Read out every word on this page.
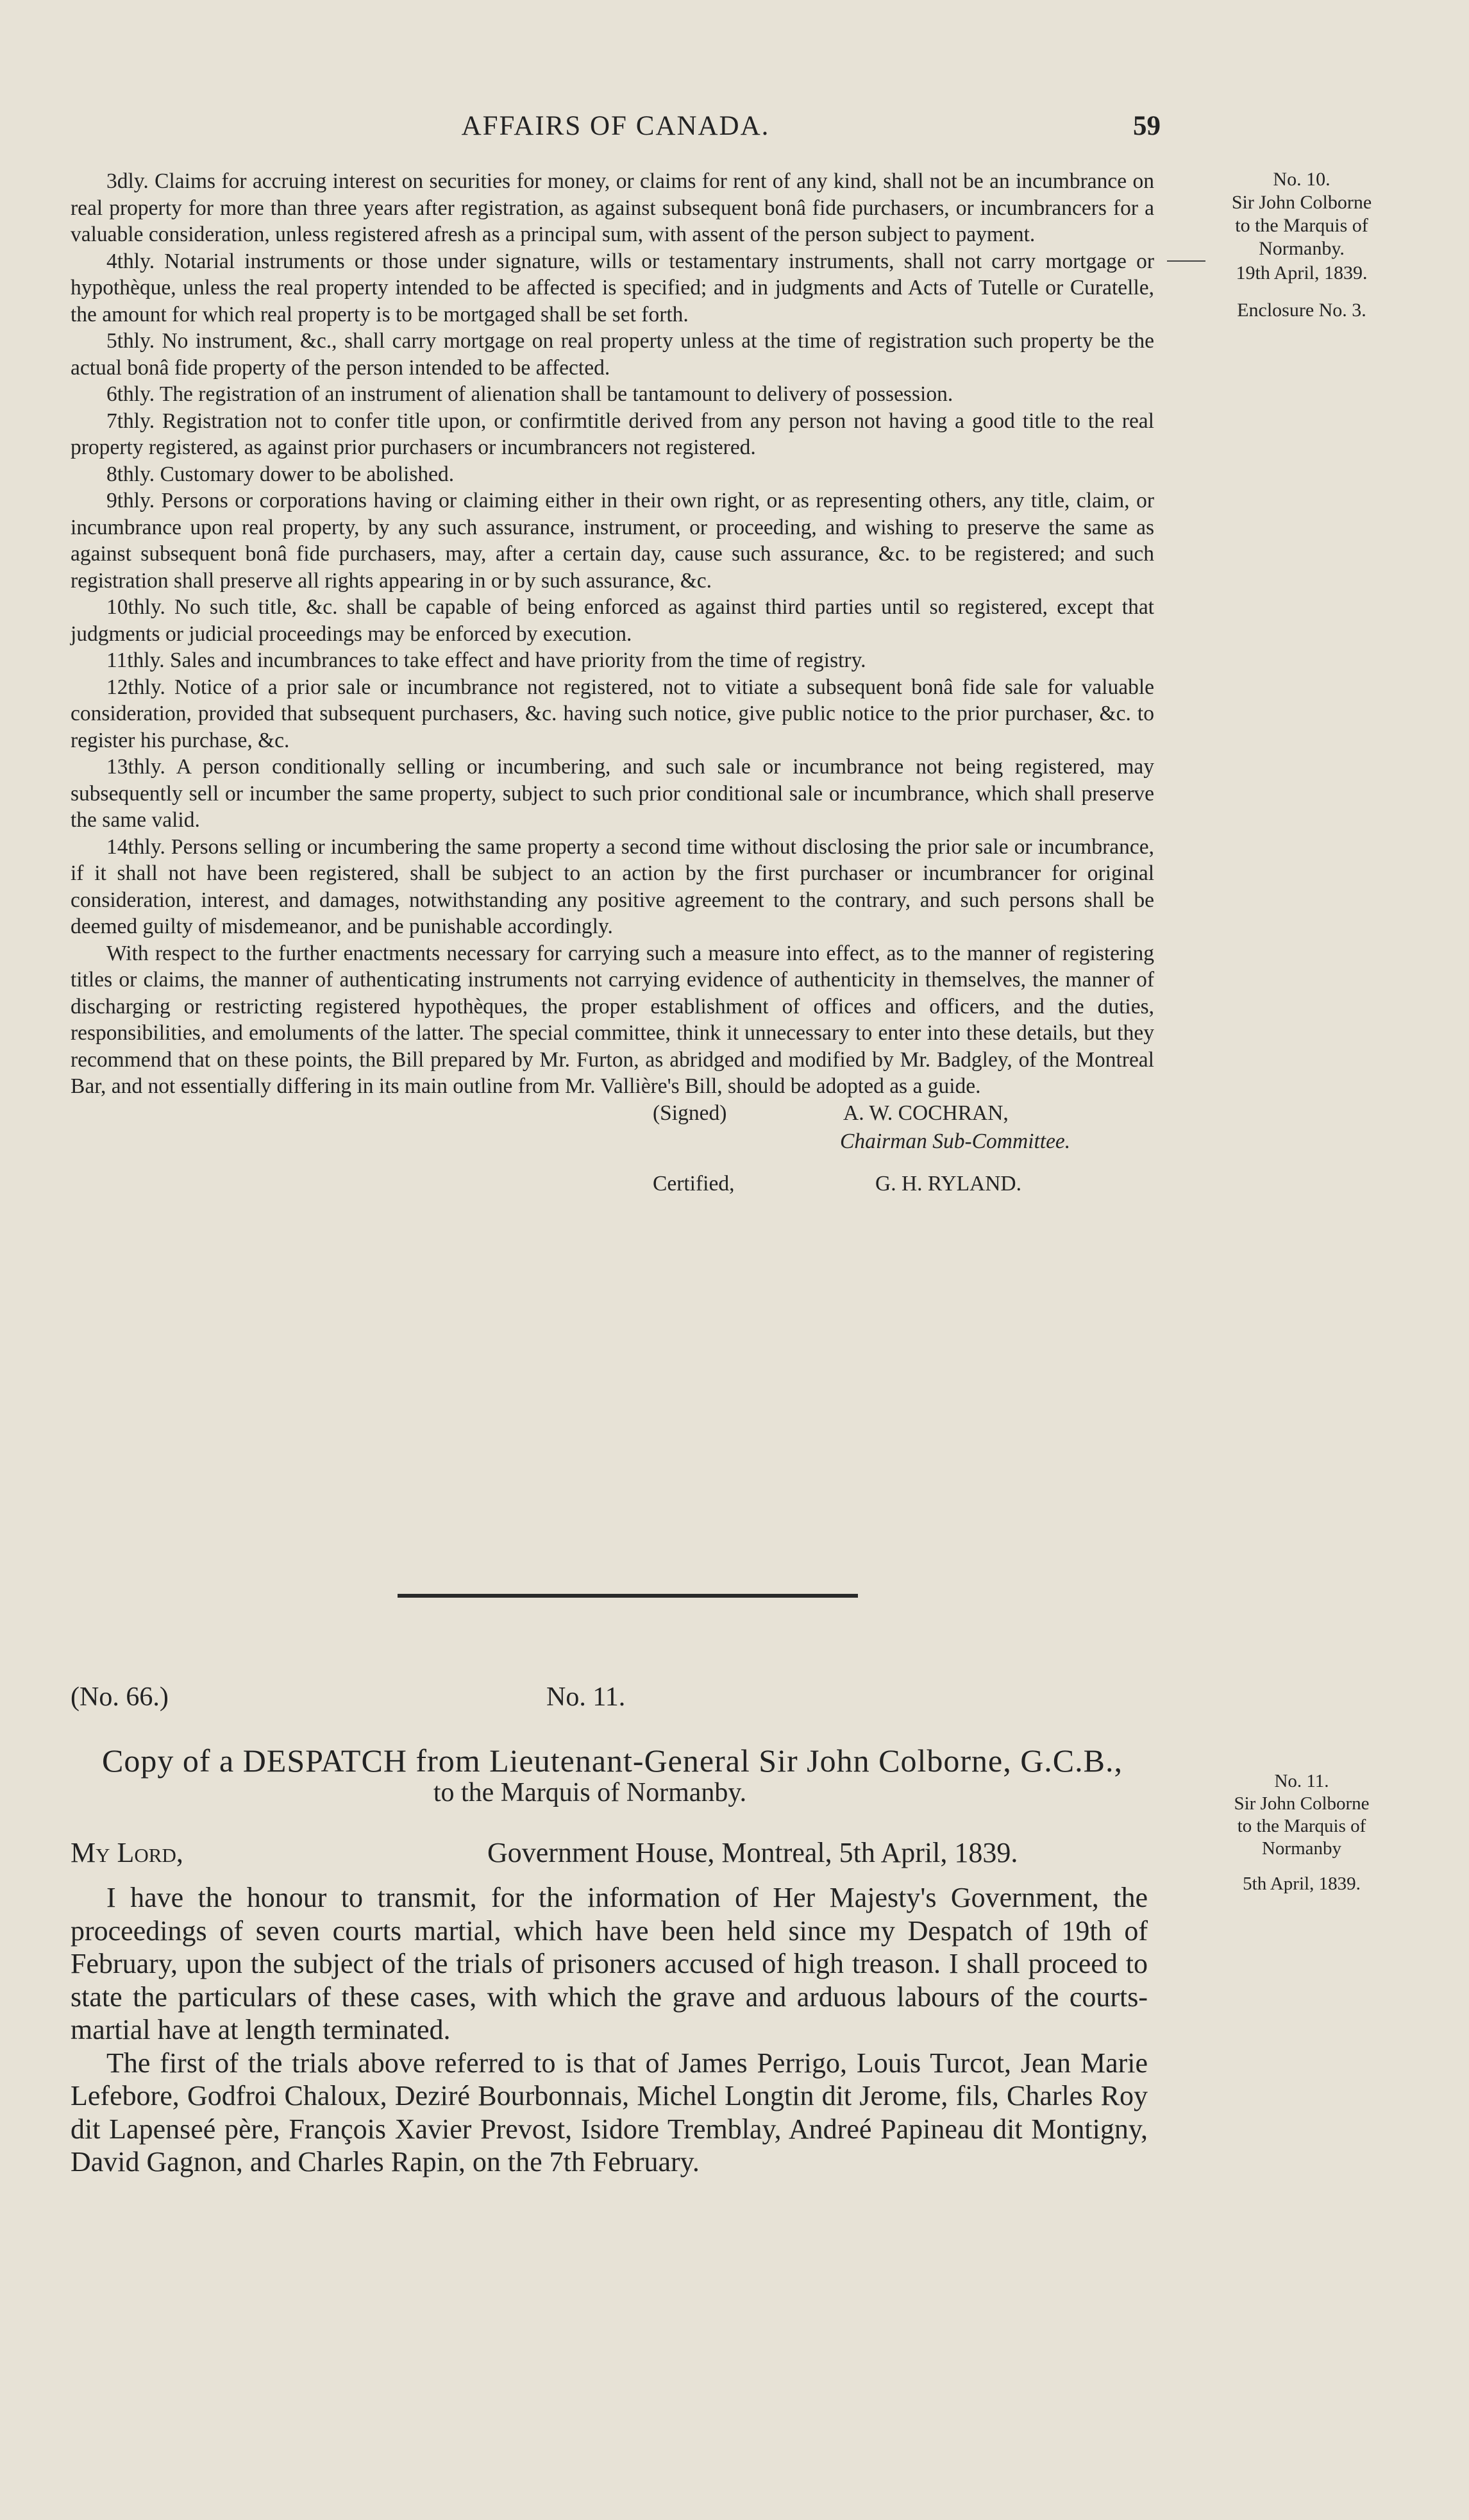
AFFAIRS OF CANADA.	59
No. 10.
Sir John Colborne
to the Marquis of
Normanby.
19th April, 1839.
Enclosure No. 3.

3dly. Claims for accruing interest on securities for money, or claims for rent of any kind, shall not be an incumbrance on real property for more than three years after registration, as against subsequent bonâ fide purchasers, or incumbrancers for a valuable consideration, unless registered afresh as a principal sum, with assent of the person subject to payment.

4thly. Notarial instruments or those under signature, wills or testamentary instruments, shall not carry mortgage or hypothèque, unless the real property intended to be affected is specified; and in judgments and Acts of Tutelle or Curatelle, the amount for which real property is to be mortgaged shall be set forth.

5thly. No instrument, &c., shall carry mortgage on real property unless at the time of registration such property be the actual bonâ fide property of the person intended to be affected.

6thly. The registration of an instrument of alienation shall be tantamount to delivery of possession.

7thly. Registration not to confer title upon, or confirmtitle derived from any person not having a good title to the real property registered, as against prior purchasers or incumbrancers not registered.

8thly. Customary dower to be abolished.

9thly. Persons or corporations having or claiming either in their own right, or as representing others, any title, claim, or incumbrance upon real property, by any such assurance, instrument, or proceeding, and wishing to preserve the same as against subsequent bonâ fide purchasers, may, after a certain day, cause such assurance, &c. to be registered; and such registration shall preserve all rights appearing in or by such assurance, &c.

10thly. No such title, &c. shall be capable of being enforced as against third parties until so registered, except that judgments or judicial proceedings may be enforced by execution.

11thly. Sales and incumbrances to take effect and have priority from the time of registry.

12thly. Notice of a prior sale or incumbrance not registered, not to vitiate a subsequent bonâ fide sale for valuable consideration, provided that subsequent purchasers, &c. having such notice, give public notice to the prior purchaser, &c. to register his purchase, &c.

13thly. A person conditionally selling or incumbering, and such sale or incumbrance not being registered, may subsequently sell or incumber the same property, subject to such prior conditional sale or incumbrance, which shall preserve the same valid.

14thly. Persons selling or incumbering the same property a second time without disclosing the prior sale or incumbrance, if it shall not have been registered, shall be subject to an action by the first purchaser or incumbrancer for original consideration, interest, and damages, notwithstanding any positive agreement to the contrary, and such persons shall be deemed guilty of misdemeanor, and be punishable accordingly.

With respect to the further enactments necessary for carrying such a measure into effect, as to the manner of registering titles or claims, the manner of authenticating instruments not carrying evidence of authenticity in themselves, the manner of discharging or restricting registered hypothèques, the proper establishment of offices and officers, and the duties, responsibilities, and emoluments of the latter. The special committee, think it unnecessary to enter into these details, but they recommend that on these points, the Bill prepared by Mr. Furton, as abridged and modified by Mr. Badgley, of the Montreal Bar, and not essentially differing in its main outline from Mr. Vallière's Bill, should be adopted as a guide.

(Signed)	A. W. COCHRAN,
Chairman Sub-Committee.
Certified,	G. H. RYLAND.
(No. 66.)	No. 11.
Copy of a DESPATCH from Lieutenant-General Sir John Colborne, G.C.B.,
to the Marquis of Normanby.
My Lord,	Government House, Montreal, 5th April, 1839.

I have the honour to transmit, for the information of Her Majesty's Government, the proceedings of seven courts martial, which have been held since my Despatch of 19th of February, upon the subject of the trials of prisoners accused of high treason. I shall proceed to state the particulars of these cases, with which the grave and arduous labours of the courts-martial have at length terminated.

The first of the trials above referred to is that of James Perrigo, Louis Turcot, Jean Marie Lefebore, Godfroi Chaloux, Deziré Bourbonnais, Michel Longtin dit Jerome, fils, Charles Roy dit Lapenseé père, François Xavier Prevost, Isidore Tremblay, Andreé Papineau dit Montigny, David Gagnon, and Charles Rapin, on the 7th February.

No. 11.
Sir John Colborne
to the Marquis of
Normanby
5th April, 1839.
